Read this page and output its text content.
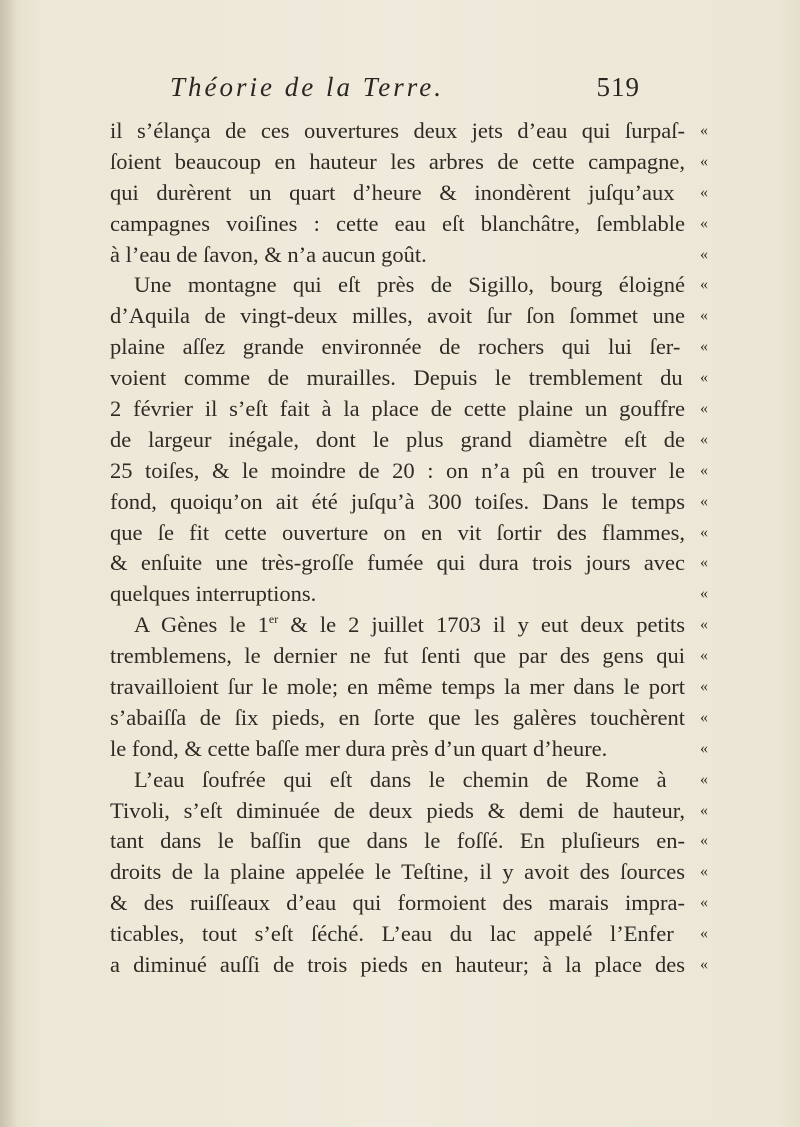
Théorie de la Terre.	519
il s’élança de ces ouvertures deux jets d’eau qui ſurpaſ- «
ſoient beaucoup en hauteur les arbres de cette campagne, «
qui durèrent un quart d’heure & inondèrent juſqu’aux «
campagnes voiſines : cette eau eſt blanchâtre, ſemblable «
à l’eau de ſavon, & n’a aucun goût.	«
Une montagne qui eſt près de Sigillo, bourg éloigné «
d’Aquila de vingt-deux milles, avoit ſur ſon ſommet une «
plaine aſſez grande environnée de rochers qui lui ſer- «
voient comme de murailles. Depuis le tremblement du «
2 février il s’eſt fait à la place de cette plaine un gouffre «
de largeur inégale, dont le plus grand diamètre eſt de «
25 toiſes, & le moindre de 20 : on n’a pû en trouver le «
fond, quoiqu’on ait été juſqu’à 300 toiſes. Dans le temps «
que ſe fit cette ouverture on en vit ſortir des flammes, «
& enſuite une très-groſſe fumée qui dura trois jours avec «
quelques interruptions.	«
A Gènes le 1er & le 2 juillet 1703 il y eut deux petits «
tremblemens, le dernier ne fut ſenti que par des gens qui «
travailloient ſur le mole; en même temps la mer dans le port «
s’abaiſſa de ſix pieds, en ſorte que les galères touchèrent «
le fond, & cette baſſe mer dura près d’un quart d’heure.	«
L’eau ſoufrée qui eſt dans le chemin de Rome à «
Tivoli, s’eſt diminuée de deux pieds & demi de hauteur, «
tant dans le baſſin que dans le foſſé. En pluſieurs en- «
droits de la plaine appelée le Teſtine, il y avoit des ſources «
& des ruiſſeaux d’eau qui formoient des marais impra- «
ticables, tout s’eſt ſéché. L’eau du lac appelé l’Enfer «
a diminué auſſi de trois pieds en hauteur; à la place des «
